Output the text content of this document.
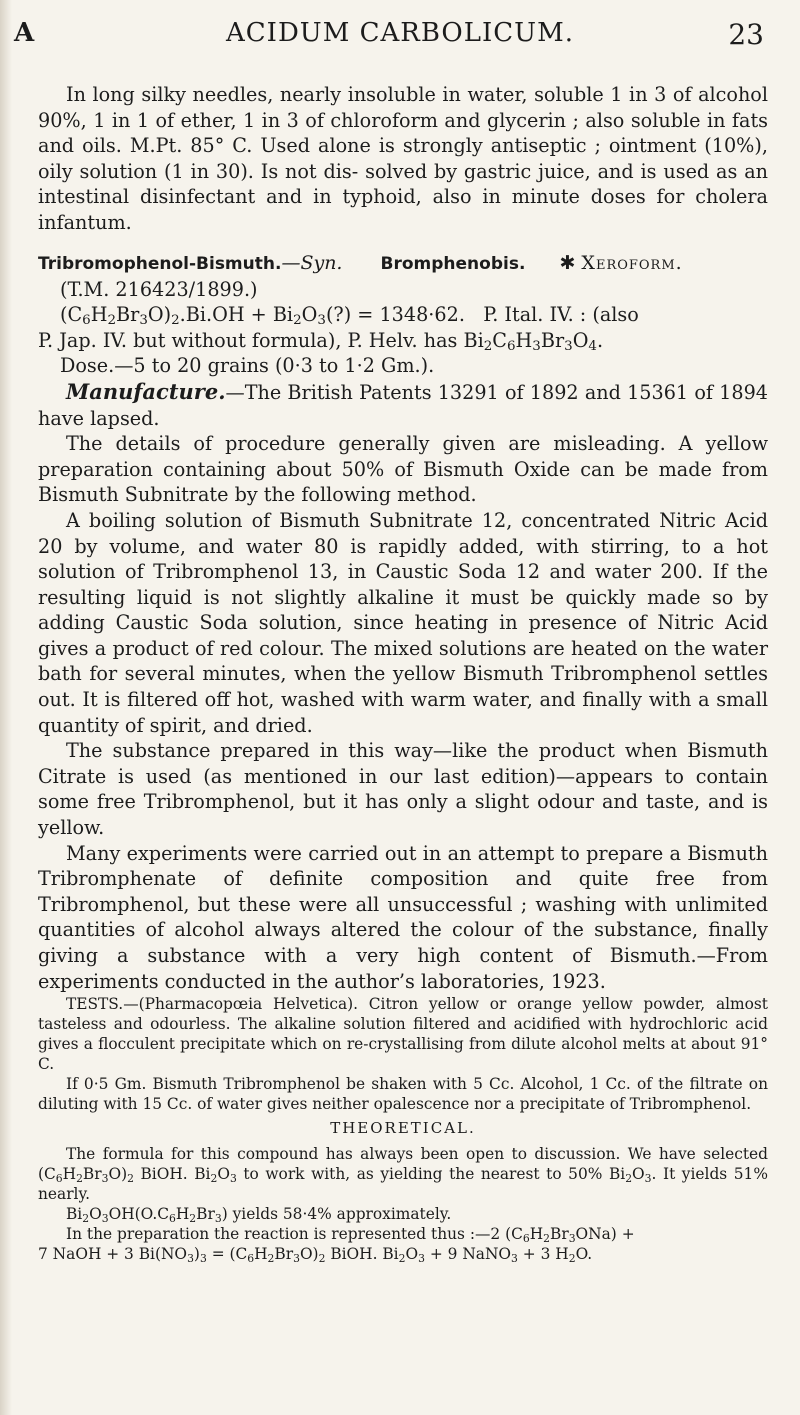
A	ACIDUM CARBOLICUM.	23

In long silky needles, nearly insoluble in water, soluble 1 in 3 of alcohol 90%, 1 in 1 of ether, 1 in 3 of chloroform and glycerin ; also soluble in fats and oils. M.Pt. 85° C. Used alone is strongly antiseptic ; ointment (10%), oily solution (1 in 30). Is not dis- solved by gastric juice, and is used as an intestinal disinfectant and in typhoid, also in minute doses for cholera infantum.

Tribromophenol-Bismuth.—Syn. Bromphenobis. ✱ Xeroform.

(T.M. 216423/1899.)

$(C_6H_2Br_3O)_2.Bi.OH$ + $Bi_2O_3(?) = 1348\cdot 62$.   P. Ital. IV. : (also

P. Jap. IV. but without formula), P. Helv. has $Bi_2C_6H_3Br_3O_4$.

Dose.—5 to 20 grains (0·3 to 1·2 Gm.).

Manufacture.—The British Patents 13291 of 1892 and 15361 of 1894 have lapsed.

The details of procedure generally given are misleading. A yellow preparation containing about 50% of Bismuth Oxide can be made from Bismuth Subnitrate by the following method.

A boiling solution of Bismuth Subnitrate 12, concentrated Nitric Acid 20 by volume, and water 80 is rapidly added, with stirring, to a hot solution of Tribromphenol 13, in Caustic Soda 12 and water 200. If the resulting liquid is not slightly alkaline it must be quickly made so by adding Caustic Soda solution, since heating in presence of Nitric Acid gives a product of red colour. The mixed solutions are heated on the water bath for several minutes, when the yellow Bismuth Tribromphenol settles out. It is filtered off hot, washed with warm water, and finally with a small quantity of spirit, and dried.

The substance prepared in this way—like the product when Bismuth Citrate is used (as mentioned in our last edition)—appears to contain some free Tribromphenol, but it has only a slight odour and taste, and is yellow.

Many experiments were carried out in an attempt to prepare a Bismuth Tribromphenate of definite composition and quite free from Tribromphenol, but these were all unsuccessful ; washing with unlimited quantities of alcohol always altered the colour of the substance, finally giving a substance with a very high content of Bismuth.—From experiments conducted in the author’s laboratories, 1923.

TESTS.—(Pharmacopœia Helvetica). Citron yellow or orange yellow powder, almost tasteless and odourless. The alkaline solution filtered and acidified with hydrochloric acid gives a flocculent precipitate which on re-crystallising from dilute alcohol melts at about 91° C.

If 0·5 Gm. Bismuth Tribromphenol be shaken with 5 Cc. Alcohol, 1 Cc. of the filtrate on diluting with 15 Cc. of water gives neither opalescence nor a precipitate of Tribromphenol.

THEORETICAL.

The formula for this compound has always been open to discussion. We have selected $(C_6H_2Br_3O)_2$ BiOH. $Bi_2O_3$ to work with, as yielding the nearest to 50% $Bi_2O_3$. It yields 51% nearly.

$Bi_2O_3OH(O.C_6H_2Br_3)$ yields 58·4% approximately.

In the preparation the reaction is represented thus :—2 $(C_6H_2Br_3ONa)$ +

7 NaOH + 3 $Bi(NO_3)_3 = (C_6H_2Br_3O)_2$ BiOH. $Bi_2O_3 + 9$ NaNO$_3$ + 3 $H_2O$.
